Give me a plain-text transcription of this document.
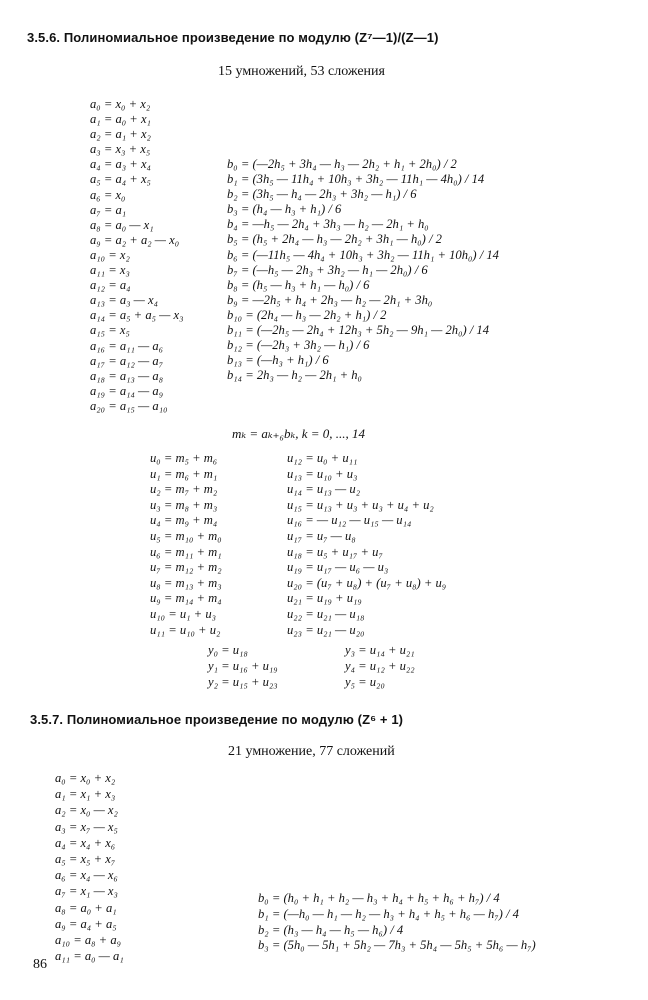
3.5.6. Полиномиальное произведение по модулю (Z⁷—1)/(Z—1)
15 умножений, 53 сложения
a₀ = x₀ + x₂
a₁ = a₀ + x₁
a₂ = a₁ + x₂
a₃ = x₃ + x₅
a₄ = a₃ + x₄
a₅ = a₄ + x₅
a₆ = x₀
a₇ = a₁
a₈ = a₀ — x₁
a₉ = a₂ + a₂ — x₀
a₁₀ = x₂
a₁₁ = x₃
a₁₂ = a₄
a₁₃ = a₃ — x₄
a₁₄ = a₅ + a₅ — x₃
a₁₅ = x₅
a₁₆ = a₁₁ — a₆
a₁₇ = a₁₂ — a₇
a₁₈ = a₁₃ — a₈
a₁₉ = a₁₄ — a₉
a₂₀ = a₁₅ — a₁₀
b₀ = (—2h₅ + 3h₄ — h₃ — 2h₂ + h₁ + 2h₀) / 2
b₁ = (3h₅ — 11h₄ + 10h₃ + 3h₂ — 11h₁ — 4h₀) / 14
b₂ = (3h₅ — h₄ — 2h₃ + 3h₂ — h₁) / 6
b₃ = (h₄ — h₃ + h₁) / 6
b₄ = —h₅ — 2h₄ + 3h₃ — h₂ — 2h₁ + h₀
b₅ = (h₅ + 2h₄ — h₃ — 2h₂ + 3h₁ — h₀) / 2
b₆ = (—11h₅ — 4h₄ + 10h₃ + 3h₂ — 11h₁ + 10h₀) / 14
b₇ = (—h₅ — 2h₃ + 3h₂ — h₁ — 2h₀) / 6
b₈ = (h₅ — h₃ + h₁ — h₀) / 6
b₉ = —2h₅ + h₄ + 2h₃ — h₂ — 2h₁ + 3h₀
b₁₀ = (2h₄ — h₃ — 2h₂ + h₁) / 2
b₁₁ = (—2h₅ — 2h₄ + 12h₃ + 5h₂ — 9h₁ — 2h₀) / 14
b₁₂ = (—2h₃ + 3h₂ — h₁) / 6
b₁₃ = (—h₃ + h₁) / 6
b₁₄ = 2h₃ — h₂ — 2h₁ + h₀
mₖ = aₖ₊₆bₖ, k = 0, ..., 14
u₀ = m₅ + m₆
u₁ = m₆ + m₁
u₂ = m₇ + m₂
u₃ = m₈ + m₃
u₄ = m₉ + m₄
u₅ = m₁₀ + m₀
u₆ = m₁₁ + m₁
u₇ = m₁₂ + m₂
u₈ = m₁₃ + m₃
u₉ = m₁₄ + m₄
u₁₀ = u₁ + u₃
u₁₁ = u₁₀ + u₂
u₁₂ = u₀ + u₁₁
u₁₃ = u₁₀ + u₃
u₁₄ = u₁₃ — u₂
u₁₅ = u₁₃ + u₃ + u₃ + u₄ + u₂
u₁₆ = — u₁₂ — u₁₅ — u₁₄
u₁₇ = u₇ — u₈
u₁₈ = u₅ + u₁₇ + u₇
u₁₉ = u₁₇ — u₆ — u₃
u₂₀ = (u₇ + u₈) + (u₇ + u₈) + u₉
u₂₁ = u₁₉ + u₁₉
u₂₂ = u₂₁ — u₁₈
u₂₃ = u₂₁ — u₂₀
y₀ = u₁₈
y₁ = u₁₆ + u₁₉
y₂ = u₁₅ + u₂₃
y₃ = u₁₄ + u₂₁
y₄ = u₁₂ + u₂₂
y₅ = u₂₀
3.5.7. Полиномиальное произведение по модулю (Z⁶ + 1)
21 умножение, 77 сложений
a₀ = x₀ + x₂
a₁ = x₁ + x₃
a₂ = x₀ — x₂
a₃ = x₇ — x₅
a₄ = x₄ + x₆
a₅ = x₅ + x₇
a₆ = x₄ — x₆
a₇ = x₁ — x₃
a₈ = a₀ + a₁
a₉ = a₄ + a₅
a₁₀ = a₈ + a₉
a₁₁ = a₀ — a₁
b₀ = (h₀ + h₁ + h₂ — h₃ + h₄ + h₅ + h₆ + h₇) / 4
b₁ = (—h₀ — h₁ — h₂ — h₃ + h₄ + h₅ + h₆ — h₇) / 4
b₂ = (h₃ — h₄ — h₅ — h₆) / 4
b₃ = (5h₀ — 5h₁ + 5h₂ — 7h₃ + 5h₄ — 5h₅ + 5h₆ — h₇)
86
